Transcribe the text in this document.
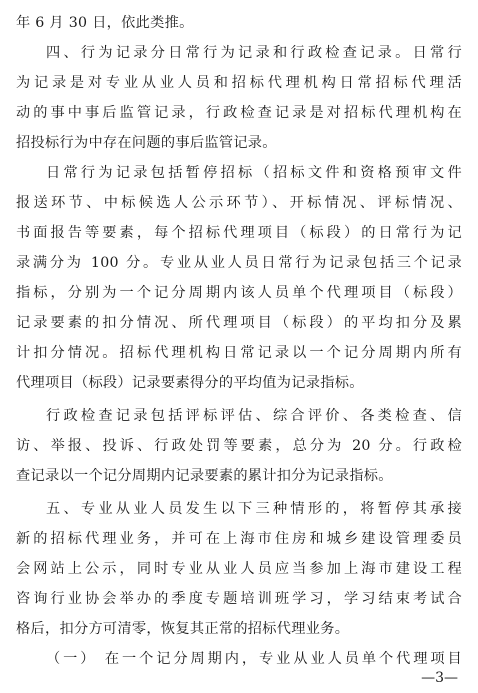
年 6 月 30 日，依此类推。
四、行为记录分日常行为记录和行政检查记录。日常行
为记录是对专业从业人员和招标代理机构日常招标代理活
动的事中事后监管记录，行政检查记录是对招标代理机构在
招投标行为中存在问题的事后监管记录。
日常行为记录包括暂停招标（招标文件和资格预审文件
报送环节、中标候选人公示环节）、开标情况、评标情况、
书面报告等要素，每个招标代理项目（标段）的日常行为记
录满分为 100 分。专业从业人员日常行为记录包括三个记录
指标，分别为一个记分周期内该人员单个代理项目（标段）
记录要素的扣分情况、所代理项目（标段）的平均扣分及累
计扣分情况。招标代理机构日常记录以一个记分周期内所有
代理项目（标段）记录要素得分的平均值为记录指标。
行政检查记录包括评标评估、综合评价、各类检查、信
访、举报、投诉、行政处罚等要素，总分为 20 分。行政检
查记录以一个记分周期内记录要素的累计扣分为记录指标。
五、专业从业人员发生以下三种情形的，将暂停其承接
新的招标代理业务，并可在上海市住房和城乡建设管理委员
会网站上公示，同时专业从业人员应当参加上海市建设工程
咨询行业协会举办的季度专题培训班学习，学习结束考试合
格后，扣分方可清零，恢复其正常的招标代理业务。
（一） 在一个记分周期内，专业从业人员单个代理项目
—3—
